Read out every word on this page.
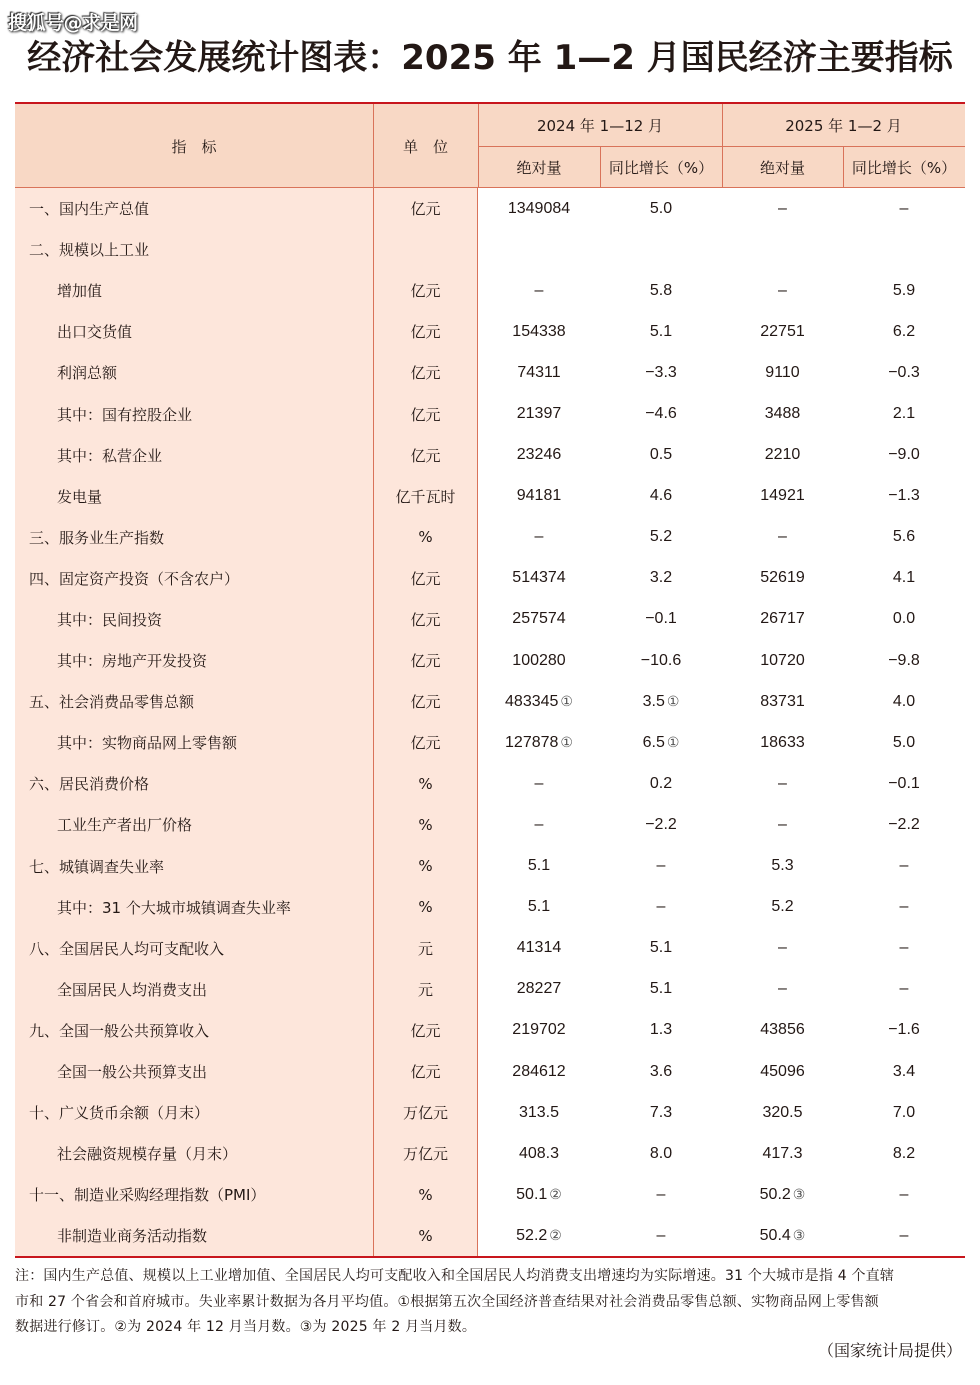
搜狐号@求是网
经济社会发展统计图表：2025 年 1—2 月国民经济主要指标
指　标	单　位
2024 年 1—12 月	2025 年 1—2 月
绝对量	同比增长（%）	绝对量	同比增长（%）
一、国内生产总值	亿元	1349084	5.0	–	–
二、规模以上工业
增加值	亿元	–	5.8	–	5.9
出口交货值	亿元	154338	5.1	22751	6.2
利润总额	亿元	74311	−3.3	9110	−0.3
其中：国有控股企业	亿元	21397	−4.6	3488	2.1
其中：私营企业	亿元	23246	0.5	2210	−9.0
发电量	亿千瓦时	94181	4.6	14921	−1.3
三、服务业生产指数	%	–	5.2	–	5.6
四、固定资产投资（不含农户）	亿元	514374	3.2	52619	4.1
其中：民间投资	亿元	257574	−0.1	26717	0.0
其中：房地产开发投资	亿元	100280	−10.6	10720	−9.8
五、社会消费品零售总额	亿元	483345 ①	3.5 ①	83731	4.0
其中：实物商品网上零售额	亿元	127878 ①	6.5 ①	18633	5.0
六、居民消费价格	%	–	0.2	–	−0.1
工业生产者出厂价格	%	–	−2.2	–	−2.2
七、城镇调查失业率	%	5.1	–	5.3	–
其中：31 个大城市城镇调查失业率	%	5.1	–	5.2	–
八、全国居民人均可支配收入	元	41314	5.1	–	–
全国居民人均消费支出	元	28227	5.1	–	–
九、全国一般公共预算收入	亿元	219702	1.3	43856	−1.6
全国一般公共预算支出	亿元	284612	3.6	45096	3.4
十、广义货币余额（月末）	万亿元	313.5	7.3	320.5	7.0
社会融资规模存量（月末）	万亿元	408.3	8.0	417.3	8.2
十一、制造业采购经理指数（PMI）	%	50.1 ②	–	50.2 ③	–
非制造业商务活动指数	%	52.2 ②	–	50.4 ③	–
注：国内生产总值、规模以上工业增加值、全国居民人均可支配收入和全国居民人均消费支出增速均为实际增速。31 个大城市是指 4 个直辖
市和 27 个省会和首府城市。失业率累计数据为各月平均值。①根据第五次全国经济普查结果对社会消费品零售总额、实物商品网上零售额
数据进行修订。②为 2024 年 12 月当月数。③为 2025 年 2 月当月数。
（国家统计局提供）
